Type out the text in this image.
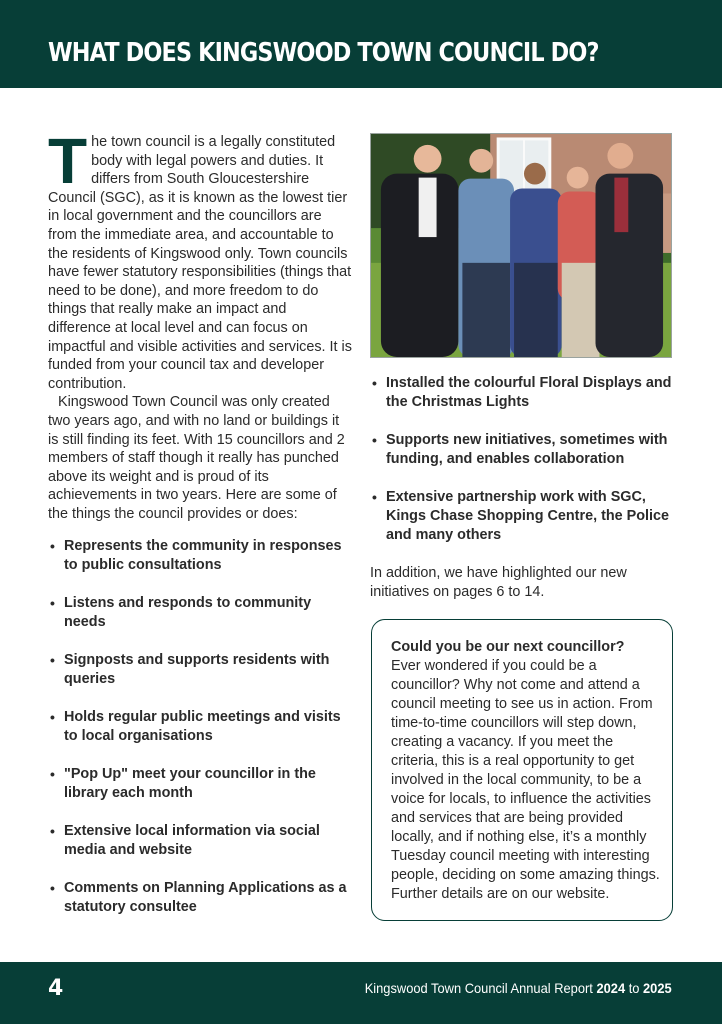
WHAT DOES KINGSWOOD TOWN COUNCIL DO?

The town council is a legally constituted body with legal powers and duties. It differs from South Gloucestershire Council (SGC), as it is known as the lowest tier in local government and the councillors are from the immediate area, and accountable to the residents of Kingswood only. Town councils have fewer statutory responsibilities (things that need to be done), and more freedom to do things that really make an impact and difference at local level and can focus on impactful and visible activities and services. It is funded from your council tax and developer contribution.

Kingswood Town Council was only created two years ago, and with no land or buildings it is still finding its feet. With 15 councillors and 2 members of staff though it really has punched above its weight and is proud of its achievements in two years. Here are some of the things the council provides or does:

• Represents the community in responses to public consultations
• Listens and responds to community needs
• Signposts and supports residents with queries
• Holds regular public meetings and visits to local organisations
• "Pop Up" meet your councillor in the library each month
• Extensive local information via social media and website
• Comments on Planning Applications as a statutory consultee
• Installed the colourful Floral Displays and the Christmas Lights
• Supports new initiatives, sometimes with funding, and enables collaboration
• Extensive partnership work with SGC, Kings Chase Shopping Centre, the Police and many others

In addition, we have highlighted our new initiatives on pages 6 to 14.

Could you be our next councillor?

Ever wondered if you could be a councillor? Why not come and attend a council meeting to see us in action. From time-to-time councillors will step down, creating a vacancy. If you meet the criteria, this is a real opportunity to get involved in the local community, to be a voice for locals, to influence the activities and services that are being provided locally, and if nothing else, it’s a monthly Tuesday council meeting with interesting people, deciding on some amazing things. Further details are on our website.

4	Kingswood Town Council Annual Report 2024 to 2025
